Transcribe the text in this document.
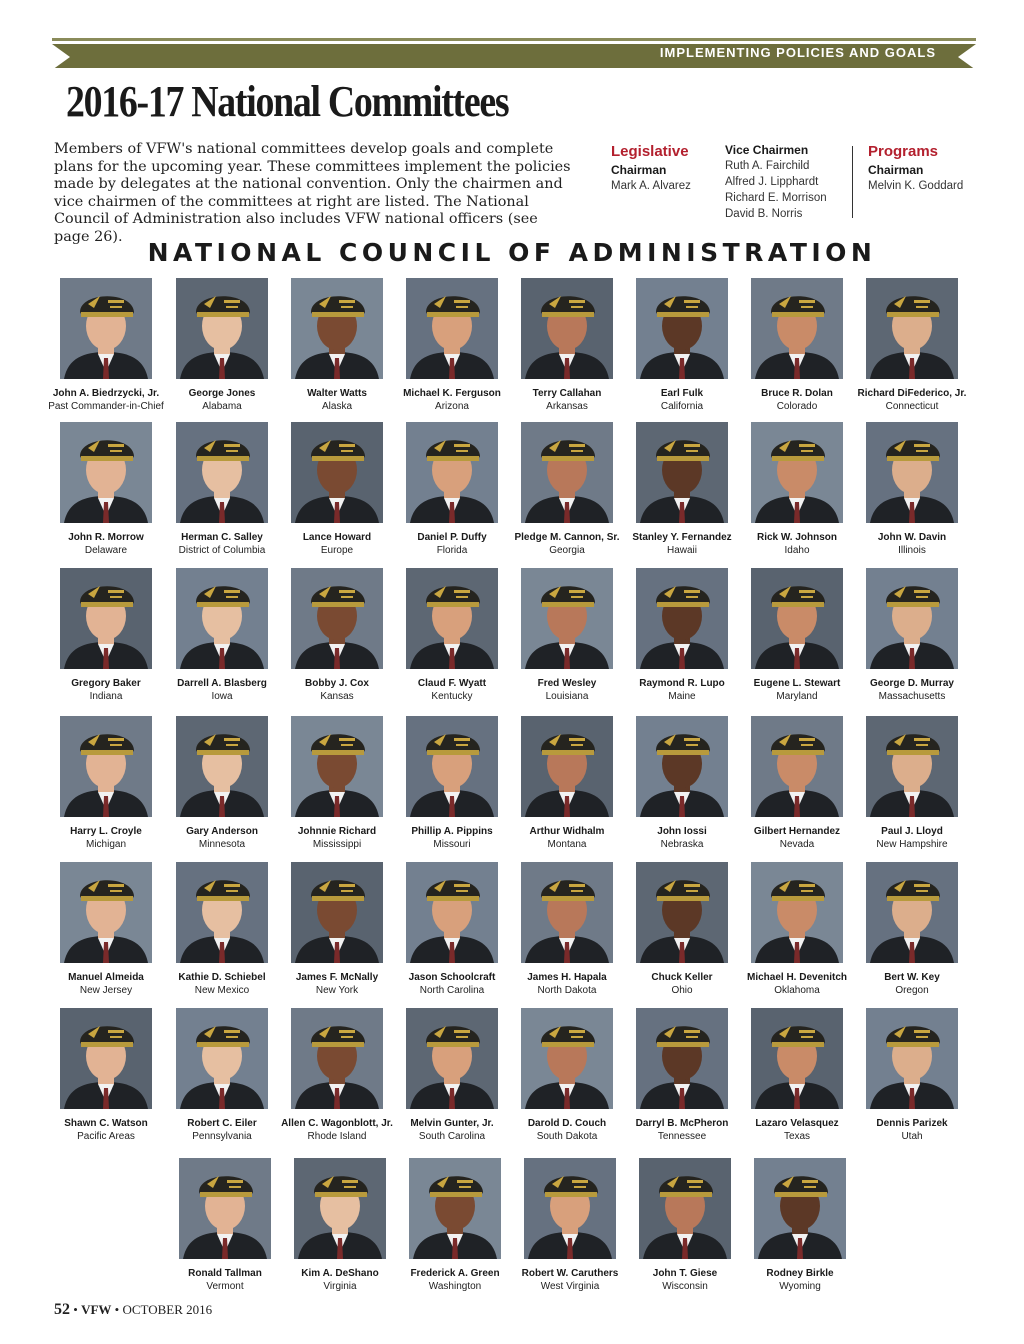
IMPLEMENTING POLICIES AND GOALS
2016-17 National Committees
Members of VFW's national committees develop goals and complete plans for the upcoming year. These committees implement the policies made by delegates at the national convention. Only the chairmen and vice chairmen of the committees at right are listed. The National Council of Administration also includes VFW national officers (see page 26).
Legislative
Chairman
Mark A. Alvarez
Vice Chairmen
Ruth A. Fairchild
Alfred J. Lipphardt
Richard E. Morrison
David B. Norris
Programs
Chairman
Melvin K. Goddard
NATIONAL COUNCIL OF ADMINISTRATION
John A. Biedrzycki, Jr.
Past Commander-in-Chief
George Jones
Alabama
Walter Watts
Alaska
Michael K. Ferguson
Arizona
Terry Callahan
Arkansas
Earl Fulk
California
Bruce R. Dolan
Colorado
Richard DiFederico, Jr.
Connecticut
John R. Morrow
Delaware
Herman C. Salley
District of Columbia
Lance Howard
Europe
Daniel P. Duffy
Florida
Pledge M. Cannon, Sr.
Georgia
Stanley Y. Fernandez
Hawaii
Rick W. Johnson
Idaho
John W. Davin
Illinois
Gregory Baker
Indiana
Darrell A. Blasberg
Iowa
Bobby J. Cox
Kansas
Claud F. Wyatt
Kentucky
Fred Wesley
Louisiana
Raymond R. Lupo
Maine
Eugene L. Stewart
Maryland
George D. Murray
Massachusetts
Harry L. Croyle
Michigan
Gary Anderson
Minnesota
Johnnie Richard
Mississippi
Phillip A. Pippins
Missouri
Arthur Widhalm
Montana
John Iossi
Nebraska
Gilbert Hernandez
Nevada
Paul J. Lloyd
New Hampshire
Manuel Almeida
New Jersey
Kathie D. Schiebel
New Mexico
James F. McNally
New York
Jason Schoolcraft
North Carolina
James H. Hapala
North Dakota
Chuck Keller
Ohio
Michael H. Devenitch
Oklahoma
Bert W. Key
Oregon
Shawn C. Watson
Pacific Areas
Robert C. Eiler
Pennsylvania
Allen C. Wagonblott, Jr.
Rhode Island
Melvin Gunter, Jr.
South Carolina
Darold D. Couch
South Dakota
Darryl B. McPheron
Tennessee
Lazaro Velasquez
Texas
Dennis Parizek
Utah
Ronald Tallman
Vermont
Kim A. DeShano
Virginia
Frederick A. Green
Washington
Robert W. Caruthers
West Virginia
John T. Giese
Wisconsin
Rodney Birkle
Wyoming
52 • VFW • OCTOBER 2016
